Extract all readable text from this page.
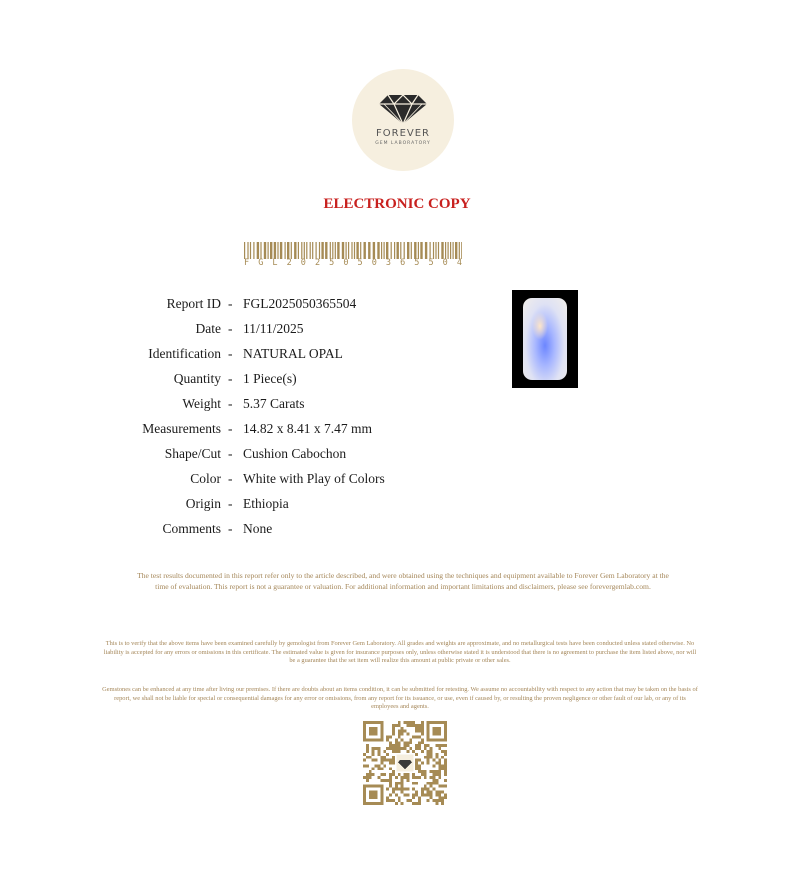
FOREVER
GEM LABORATORY
ELECTRONIC COPY
F G L 2 0 2 5 0 5 0 3 6 5 5 0 4
Report ID - FGL2025050365504
Date - 11/11/2025
Identification - NATURAL OPAL
Quantity - 1 Piece(s)
Weight - 5.37 Carats
Measurements - 14.82 x 8.41 x 7.47 mm
Shape/Cut - Cushion Cabochon
Color - White with Play of Colors
Origin - Ethiopia
Comments - None
The test results documented in this report refer only to the article described, and were obtained using the techniques and equipment available to Forever Gem Laboratory at the time of evaluation. This report is not a guarantee or valuation. For additional information and important limitations and disclaimers, please see forevergemlab.com.
This is to verify that the above items have been examined carefully by gemologist from Forever Gem Laboratory. All grades and weights are approximate, and no metallurgical tests have been conducted unless stated otherwise. No liability is accepted for any errors or omissions in this certificate. The estimated value is given for insurance purposes only, unless otherwise stated it is understood that there is no agreement to purchase the item listed above, nor will be a guarantee that the set item will realize this amount at public private or other sales.
Gemstones can be enhanced at any time after living our premises. If there are doubts about an items condition, it can be submitted for retesting. We assume no accountability with respect to any action that may be taken on the basis of report, we shall not be liable for special or consequential damages for any error or omissions, from any report for its issuance, or use, even if caused by, or resulting the proven negligence or other fault of our lab, or any of its employees and agents.
